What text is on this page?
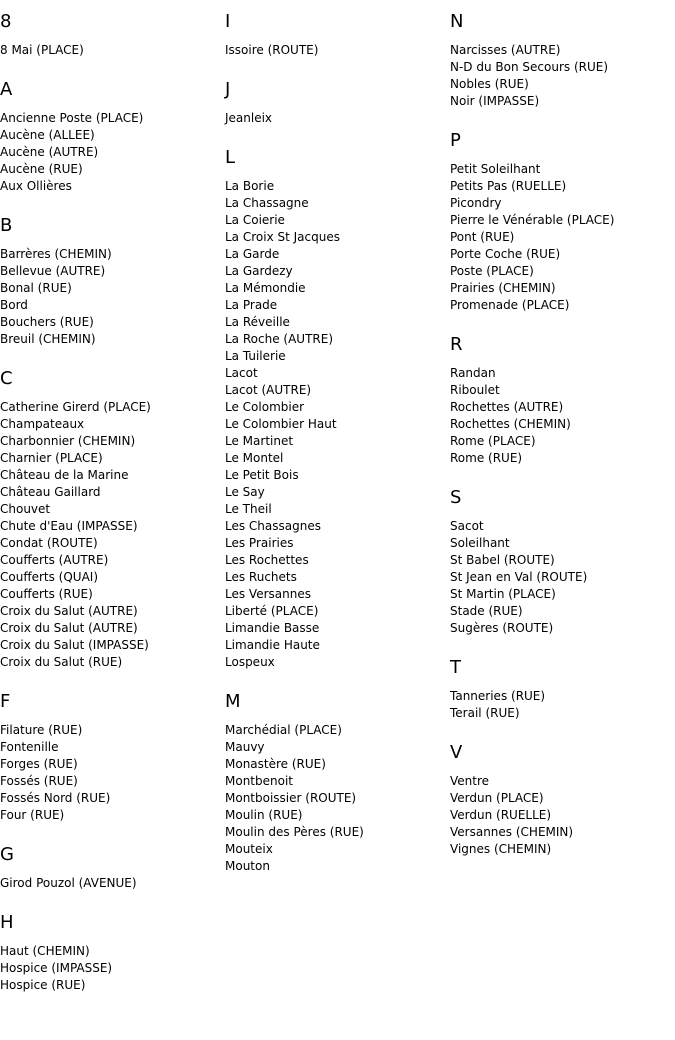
8
8 Mai (PLACE)
A
Ancienne Poste (PLACE)
Aucène (ALLEE)
Aucène (AUTRE)
Aucène (RUE)
Aux Ollières
B
Barrères (CHEMIN)
Bellevue (AUTRE)
Bonal (RUE)
Bord
Bouchers (RUE)
Breuil (CHEMIN)
C
Catherine Girerd (PLACE)
Champateaux
Charbonnier (CHEMIN)
Charnier (PLACE)
Château de la Marine
Château Gaillard
Chouvet
Chute d'Eau (IMPASSE)
Condat (ROUTE)
Coufferts (AUTRE)
Coufferts (QUAI)
Coufferts (RUE)
Croix du Salut (AUTRE)
Croix du Salut (AUTRE)
Croix du Salut (IMPASSE)
Croix du Salut (RUE)
F
Filature (RUE)
Fontenille
Forges (RUE)
Fossés (RUE)
Fossés Nord (RUE)
Four (RUE)
G
Girod Pouzol (AVENUE)
H
Haut (CHEMIN)
Hospice (IMPASSE)
Hospice (RUE)
I
Issoire (ROUTE)
J
Jeanleix
L
La Borie
La Chassagne
La Coierie
La Croix St Jacques
La Garde
La Gardezy
La Mémondie
La Prade
La Réveille
La Roche (AUTRE)
La Tuilerie
Lacot
Lacot (AUTRE)
Le Colombier
Le Colombier Haut
Le Martinet
Le Montel
Le Petit Bois
Le Say
Le Theil
Les Chassagnes
Les Prairies
Les Rochettes
Les Ruchets
Les Versannes
Liberté (PLACE)
Limandie Basse
Limandie Haute
Lospeux
M
Marchédial (PLACE)
Mauvy
Monastère (RUE)
Montbenoit
Montboissier (ROUTE)
Moulin (RUE)
Moulin des Pères (RUE)
Mouteix
Mouton
N
Narcisses (AUTRE)
N-D du Bon Secours (RUE)
Nobles (RUE)
Noir (IMPASSE)
P
Petit Soleilhant
Petits Pas (RUELLE)
Picondry
Pierre le Vénérable (PLACE)
Pont (RUE)
Porte Coche (RUE)
Poste (PLACE)
Prairies (CHEMIN)
Promenade (PLACE)
R
Randan
Riboulet
Rochettes (AUTRE)
Rochettes (CHEMIN)
Rome (PLACE)
Rome (RUE)
S
Sacot
Soleilhant
St Babel (ROUTE)
St Jean en Val (ROUTE)
St Martin (PLACE)
Stade (RUE)
Sugères (ROUTE)
T
Tanneries (RUE)
Terail (RUE)
V
Ventre
Verdun (PLACE)
Verdun (RUELLE)
Versannes (CHEMIN)
Vignes (CHEMIN)
